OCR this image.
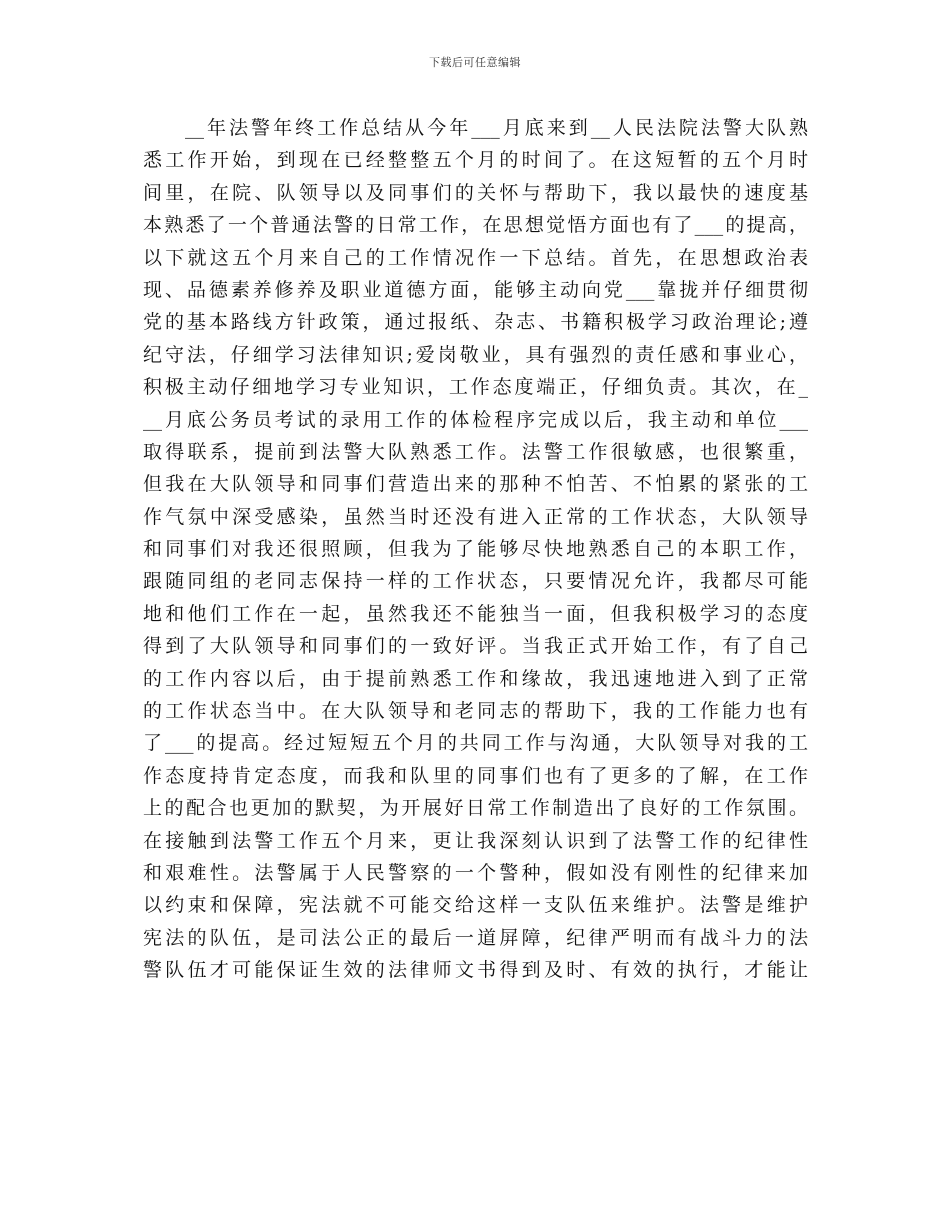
下载后可任意编辑
__年法警年终工作总结从今年___月底来到__人民法院法警大队熟
悉工作开始，到现在已经整整五个月的时间了。在这短暂的五个月时
间里，在院、队领导以及同事们的关怀与帮助下，我以最快的速度基
本熟悉了一个普通法警的日常工作，在思想觉悟方面也有了___的提高，
以下就这五个月来自己的工作情况作一下总结。首先，在思想政治表
现、品德素养修养及职业道德方面，能够主动向党___靠拢并仔细贯彻
党的基本路线方针政策，通过报纸、杂志、书籍积极学习政治理论;遵
纪守法，仔细学习法律知识;爱岗敬业，具有强烈的责任感和事业心，
积极主动仔细地学习专业知识，工作态度端正，仔细负责。其次，在_
__月底公务员考试的录用工作的体检程序完成以后，我主动和单位___
取得联系，提前到法警大队熟悉工作。法警工作很敏感，也很繁重，
但我在大队领导和同事们营造出来的那种不怕苦、不怕累的紧张的工
作气氛中深受感染，虽然当时还没有进入正常的工作状态，大队领导
和同事们对我还很照顾，但我为了能够尽快地熟悉自己的本职工作，
跟随同组的老同志保持一样的工作状态，只要情况允许，我都尽可能
地和他们工作在一起，虽然我还不能独当一面，但我积极学习的态度
得到了大队领导和同事们的一致好评。当我正式开始工作，有了自己
的工作内容以后，由于提前熟悉工作和缘故，我迅速地进入到了正常
的工作状态当中。在大队领导和老同志的帮助下，我的工作能力也有
了___的提高。经过短短五个月的共同工作与沟通，大队领导对我的工
作态度持肯定态度，而我和队里的同事们也有了更多的了解，在工作
上的配合也更加的默契，为开展好日常工作制造出了良好的工作氛围。
在接触到法警工作五个月来，更让我深刻认识到了法警工作的纪律性
和艰难性。法警属于人民警察的一个警种，假如没有刚性的纪律来加
以约束和保障，宪法就不可能交给这样一支队伍来维护。法警是维护
宪法的队伍，是司法公正的最后一道屏障，纪律严明而有战斗力的法
警队伍才可能保证生效的法律师文书得到及时、有效的执行，才能让
